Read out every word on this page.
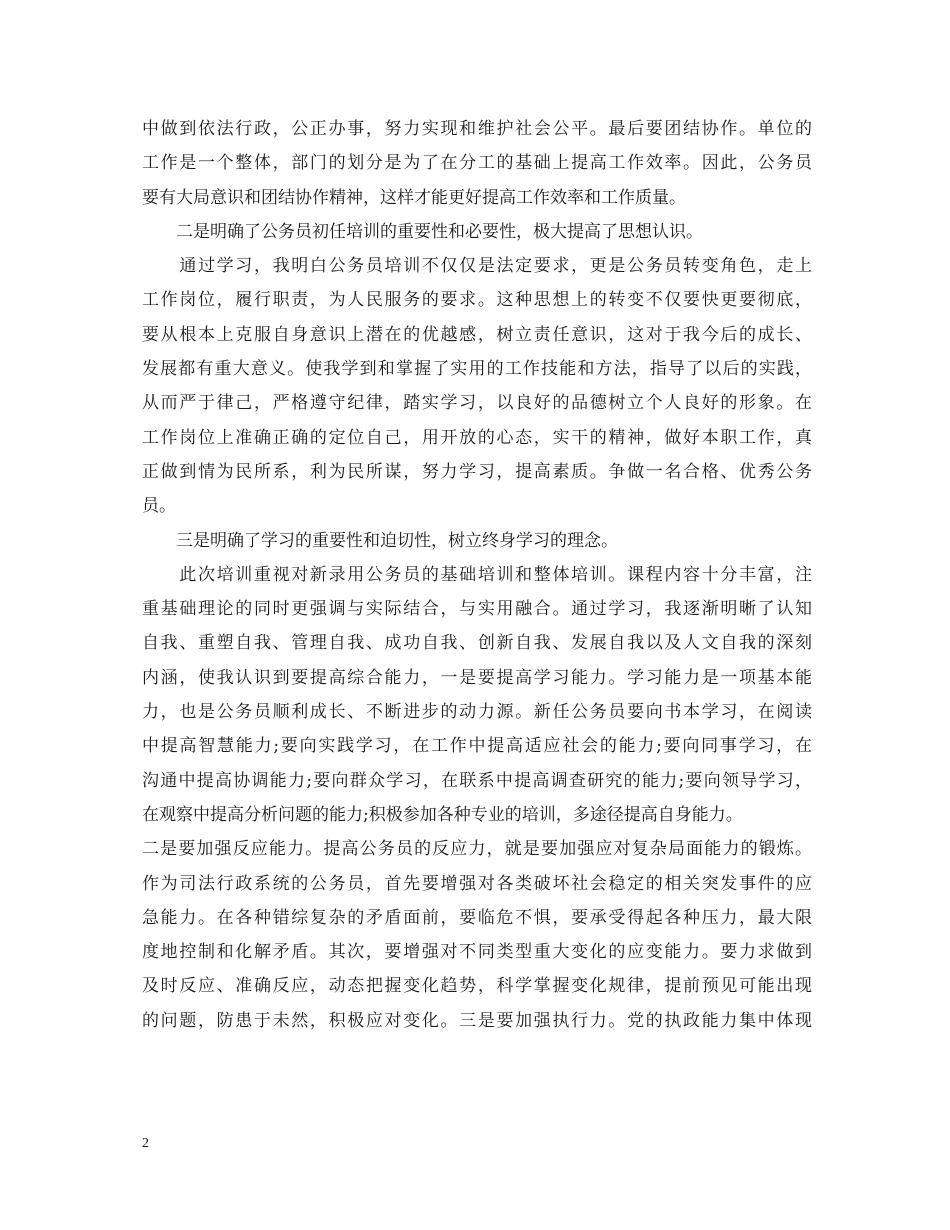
中做到依法行政，公正办事，努力实现和维护社会公平。最后要团结协作。单位的
工作是一个整体，部门的划分是为了在分工的基础上提高工作效率。因此，公务员
要有大局意识和团结协作精神，这样才能更好提高工作效率和工作质量。
　　二是明确了公务员初任培训的重要性和必要性，极大提高了思想认识。
　　通过学习，我明白公务员培训不仅仅是法定要求，更是公务员转变角色，走上
工作岗位，履行职责，为人民服务的要求。这种思想上的转变不仅要快更要彻底，
要从根本上克服自身意识上潜在的优越感，树立责任意识，这对于我今后的成长、
发展都有重大意义。使我学到和掌握了实用的工作技能和方法，指导了以后的实践，
从而严于律己，严格遵守纪律，踏实学习，以良好的品德树立个人良好的形象。在
工作岗位上准确正确的定位自己，用开放的心态，实干的精神，做好本职工作，真
正做到情为民所系，利为民所谋，努力学习，提高素质。争做一名合格、优秀公务
员。
　　三是明确了学习的重要性和迫切性，树立终身学习的理念。
　　此次培训重视对新录用公务员的基础培训和整体培训。课程内容十分丰富，注
重基础理论的同时更强调与实际结合，与实用融合。通过学习，我逐渐明晰了认知
自我、重塑自我、管理自我、成功自我、创新自我、发展自我以及人文自我的深刻
内涵，使我认识到要提高综合能力，一是要提高学习能力。学习能力是一项基本能
力，也是公务员顺利成长、不断进步的动力源。新任公务员要向书本学习，在阅读
中提高智慧能力;要向实践学习，在工作中提高适应社会的能力;要向同事学习，在
沟通中提高协调能力;要向群众学习，在联系中提高调查研究的能力;要向领导学习，
在观察中提高分析问题的能力;积极参加各种专业的培训，多途径提高自身能力。
二是要加强反应能力。提高公务员的反应力，就是要加强应对复杂局面能力的锻炼。
作为司法行政系统的公务员，首先要增强对各类破坏社会稳定的相关突发事件的应
急能力。在各种错综复杂的矛盾面前，要临危不惧，要承受得起各种压力，最大限
度地控制和化解矛盾。其次，要增强对不同类型重大变化的应变能力。要力求做到
及时反应、准确反应，动态把握变化趋势，科学掌握变化规律，提前预见可能出现
的问题，防患于未然，积极应对变化。三是要加强执行力。党的执政能力集中体现
2
